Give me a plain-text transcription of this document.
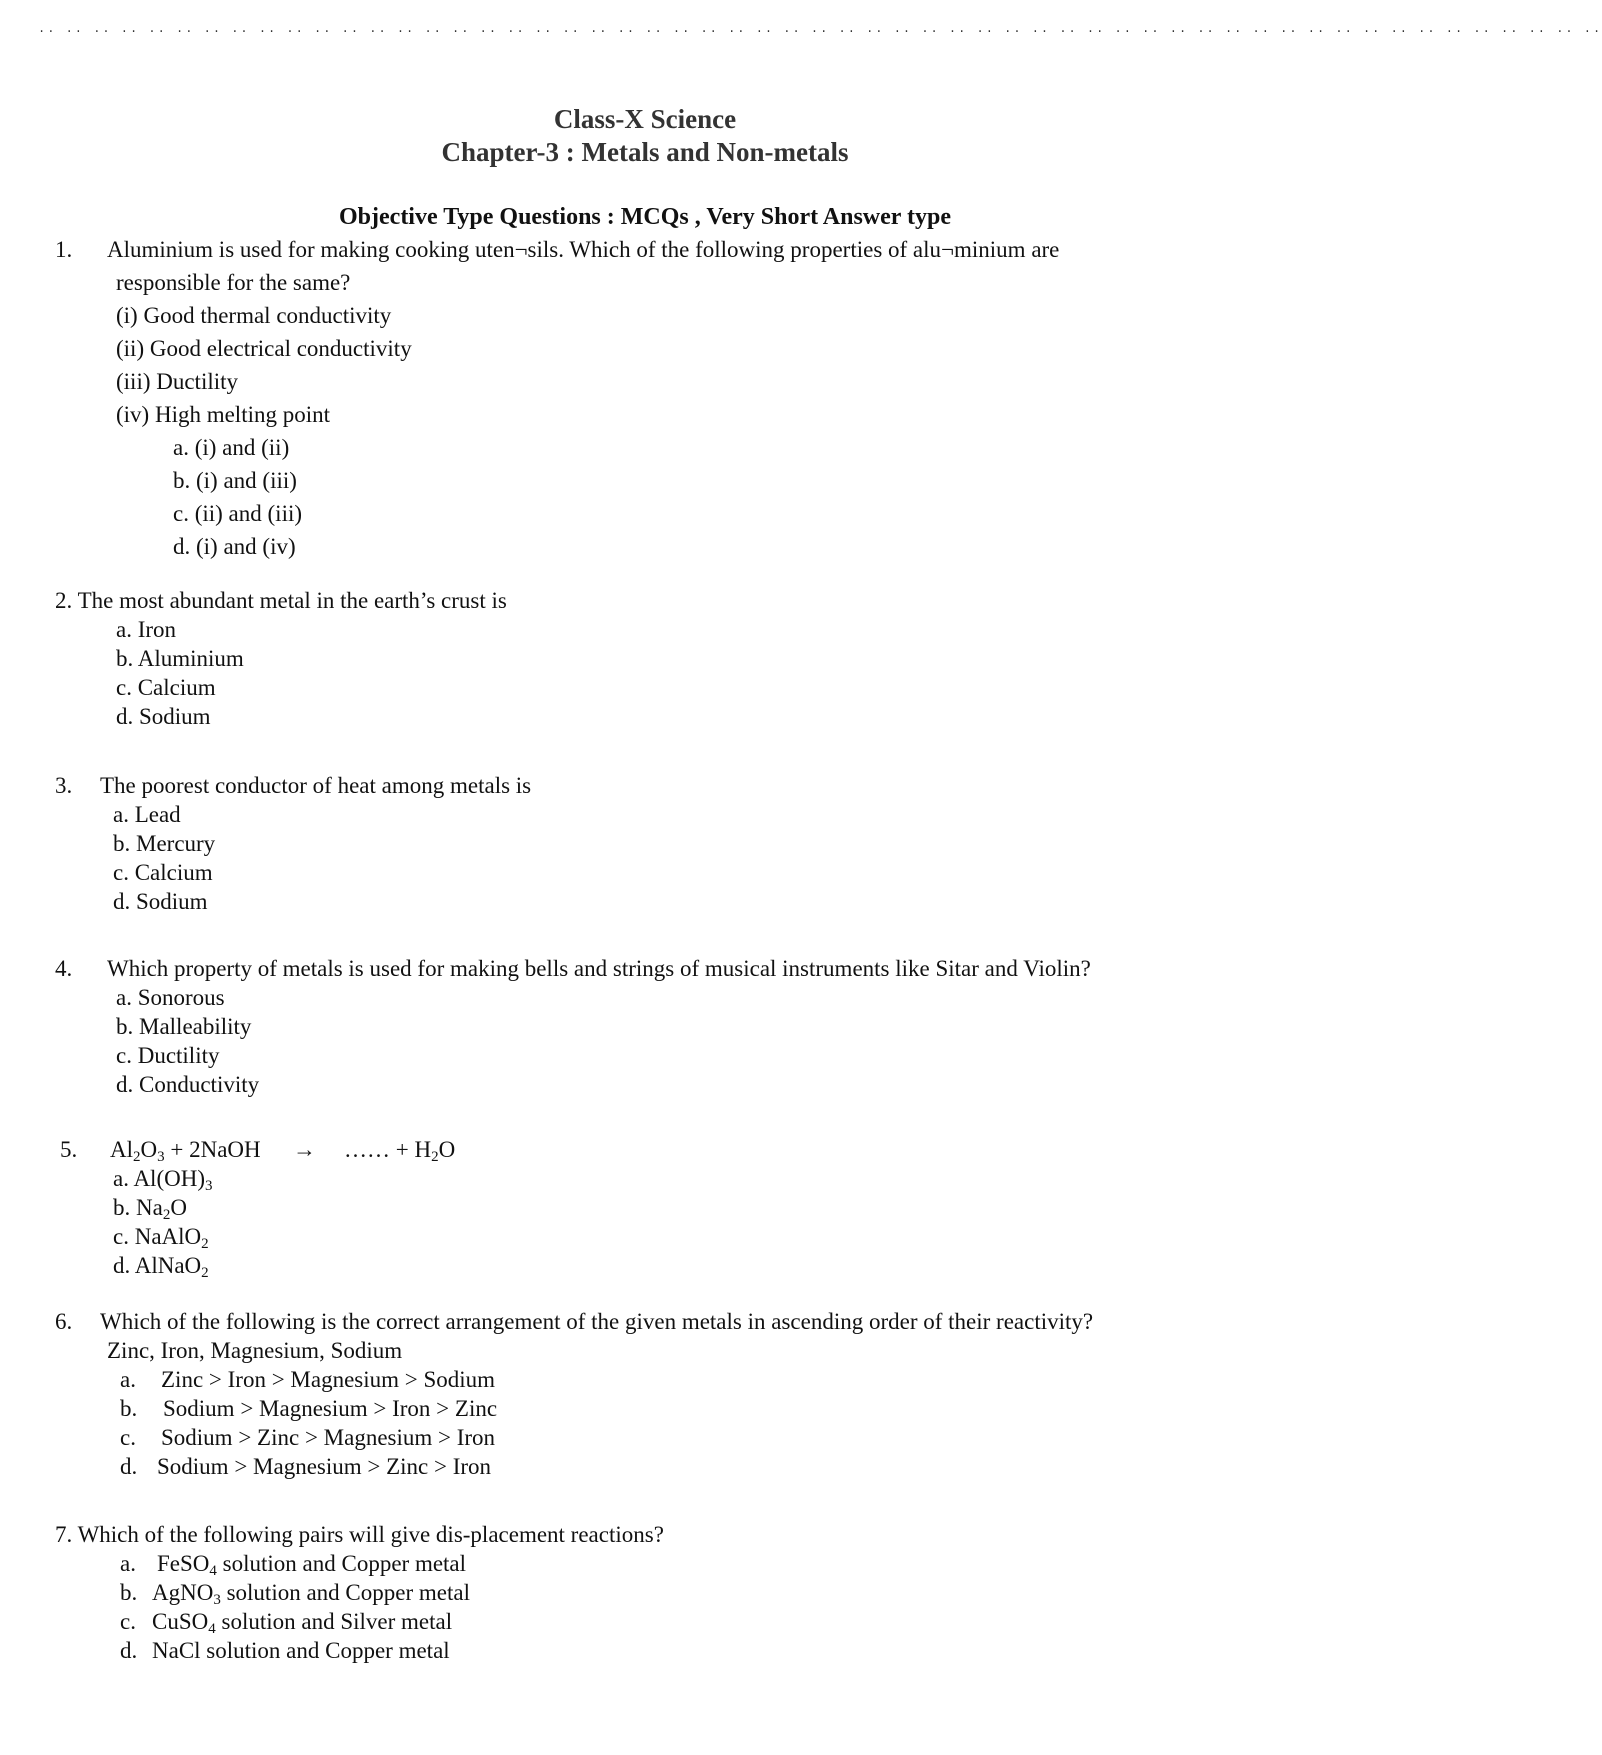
.. .. .. .. .. .. .. .. .. .. .. .. .. .. .. .. .. .. .. .. .. .. .. .. .. .. .. .. .. .. .. .. .. .. .. .. .. .. .. .. .. .. .. .. .. .. .. .. .. .. .. .. .. .. .. .. ..
Class-X Science
Chapter-3 : Metals and Non-metals
Objective Type Questions : MCQs , Very Short Answer type
1. Aluminium is used for making cooking uten¬sils. Which of the following properties of alu¬minium are
responsible for the same?
(i) Good thermal conductivity
(ii) Good electrical conductivity
(iii) Ductility
(iv) High melting point
a. (i) and (ii)
b. (i) and (iii)
c. (ii) and (iii)
d. (i) and (iv)
2. The most abundant metal in the earth’s crust is
a. Iron
b. Aluminium
c. Calcium
d. Sodium
3. The poorest conductor of heat among metals is
a. Lead
b. Mercury
c. Calcium
d. Sodium
4. Which property of metals is used for making bells and strings of musical instruments like Sitar and Violin?
a. Sonorous
b. Malleability
c. Ductility
d. Conductivity
5. $Al_2O_3$ + 2NaOH → …… + $H_2O$
a. $Al(OH)_3$
b. $Na_2O$
c. NaAlO$_2$
d. AlNaO$_2$
6. Which of the following is the correct arrangement of the given metals in ascending order of their reactivity?
Zinc, Iron, Magnesium, Sodium
a. Zinc > Iron > Magnesium > Sodium
b. Sodium > Magnesium > Iron > Zinc
c. Sodium > Zinc > Magnesium > Iron
d. Sodium > Magnesium > Zinc > Iron
7. Which of the following pairs will give dis-placement reactions?
a. FeSO$_4$ solution and Copper metal
b. AgNO$_3$ solution and Copper metal
c. CuSO$_4$ solution and Silver metal
d. NaCl solution and Copper metal
